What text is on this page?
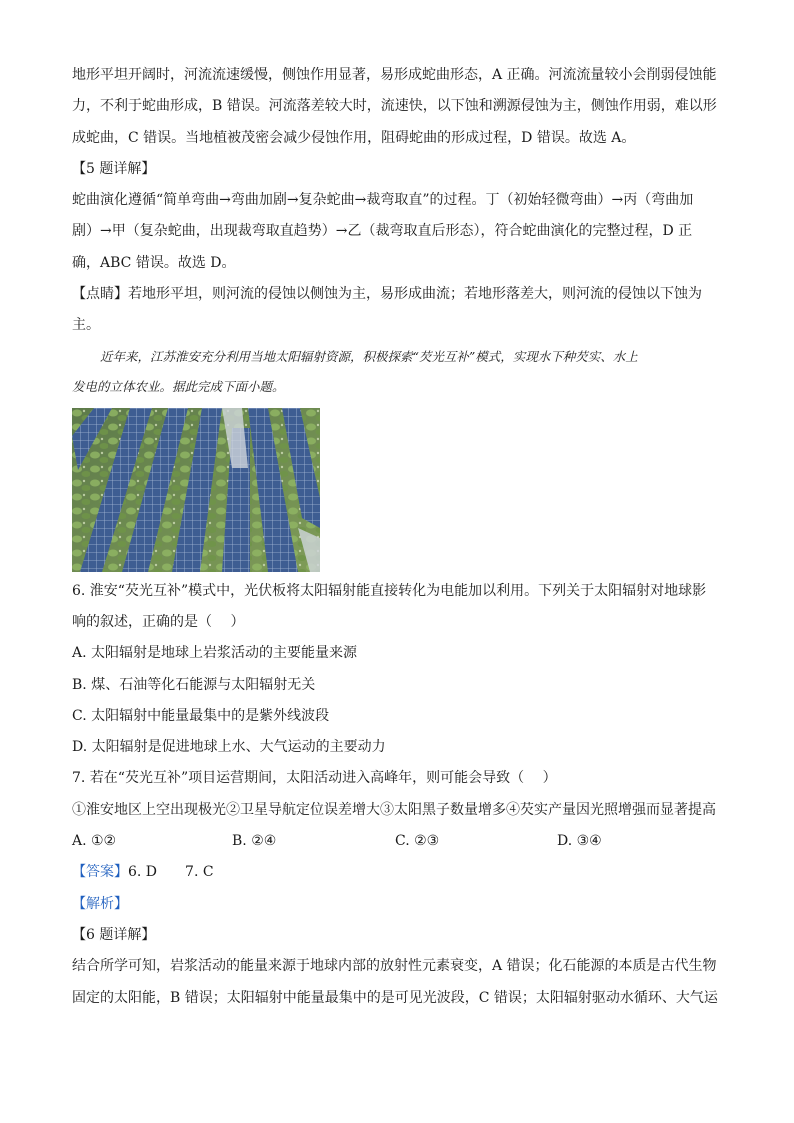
地形平坦开阔时，河流流速缓慢，侧蚀作用显著，易形成蛇曲形态，A 正确。河流流量较小会削弱侵蚀能
力，不利于蛇曲形成，B 错误。河流落差较大时，流速快，以下蚀和溯源侵蚀为主，侧蚀作用弱，难以形
成蛇曲，C 错误。当地植被茂密会减少侵蚀作用，阻碍蛇曲的形成过程，D 错误。故选 A。
【5 题详解】
蛇曲演化遵循“简单弯曲→弯曲加剧→复杂蛇曲→裁弯取直”的过程。丁（初始轻微弯曲）→丙（弯曲加
剧）→甲（复杂蛇曲，出现裁弯取直趋势）→乙（裁弯取直后形态），符合蛇曲演化的完整过程，D 正
确，ABC 错误。故选 D。
【点睛】若地形平坦，则河流的侵蚀以侧蚀为主，易形成曲流；若地形落差大，则河流的侵蚀以下蚀为
主。
近年来，江苏淮安充分利用当地太阳辐射资源，积极探索“芡光互补”模式，实现水下种芡实、水上
发电的立体农业。据此完成下面小题。
6. 淮安“芡光互补”模式中，光伏板将太阳辐射能直接转化为电能加以利用。下列关于太阳辐射对地球影
响的叙述，正确的是（　 ）
A. 太阳辐射是地球上岩浆活动的主要能量来源
B. 煤、石油等化石能源与太阳辐射无关
C. 太阳辐射中能量最集中的是紫外线波段
D. 太阳辐射是促进地球上水、大气运动的主要动力
7. 若在“芡光互补”项目运营期间，太阳活动进入高峰年，则可能会导致（　 ）
①淮安地区上空出现极光②卫星导航定位误差增大③太阳黑子数量增多④芡实产量因光照增强而显著提高
A. ①②	B. ②④	C. ②③	D. ③④
【答案】6. D 7. C
【解析】
【6 题详解】
结合所学可知，岩浆活动的能量来源于地球内部的放射性元素衰变，A 错误；化石能源的本质是古代生物
固定的太阳能，B 错误；太阳辐射中能量最集中的是可见光波段，C 错误；太阳辐射驱动水循环、大气运
